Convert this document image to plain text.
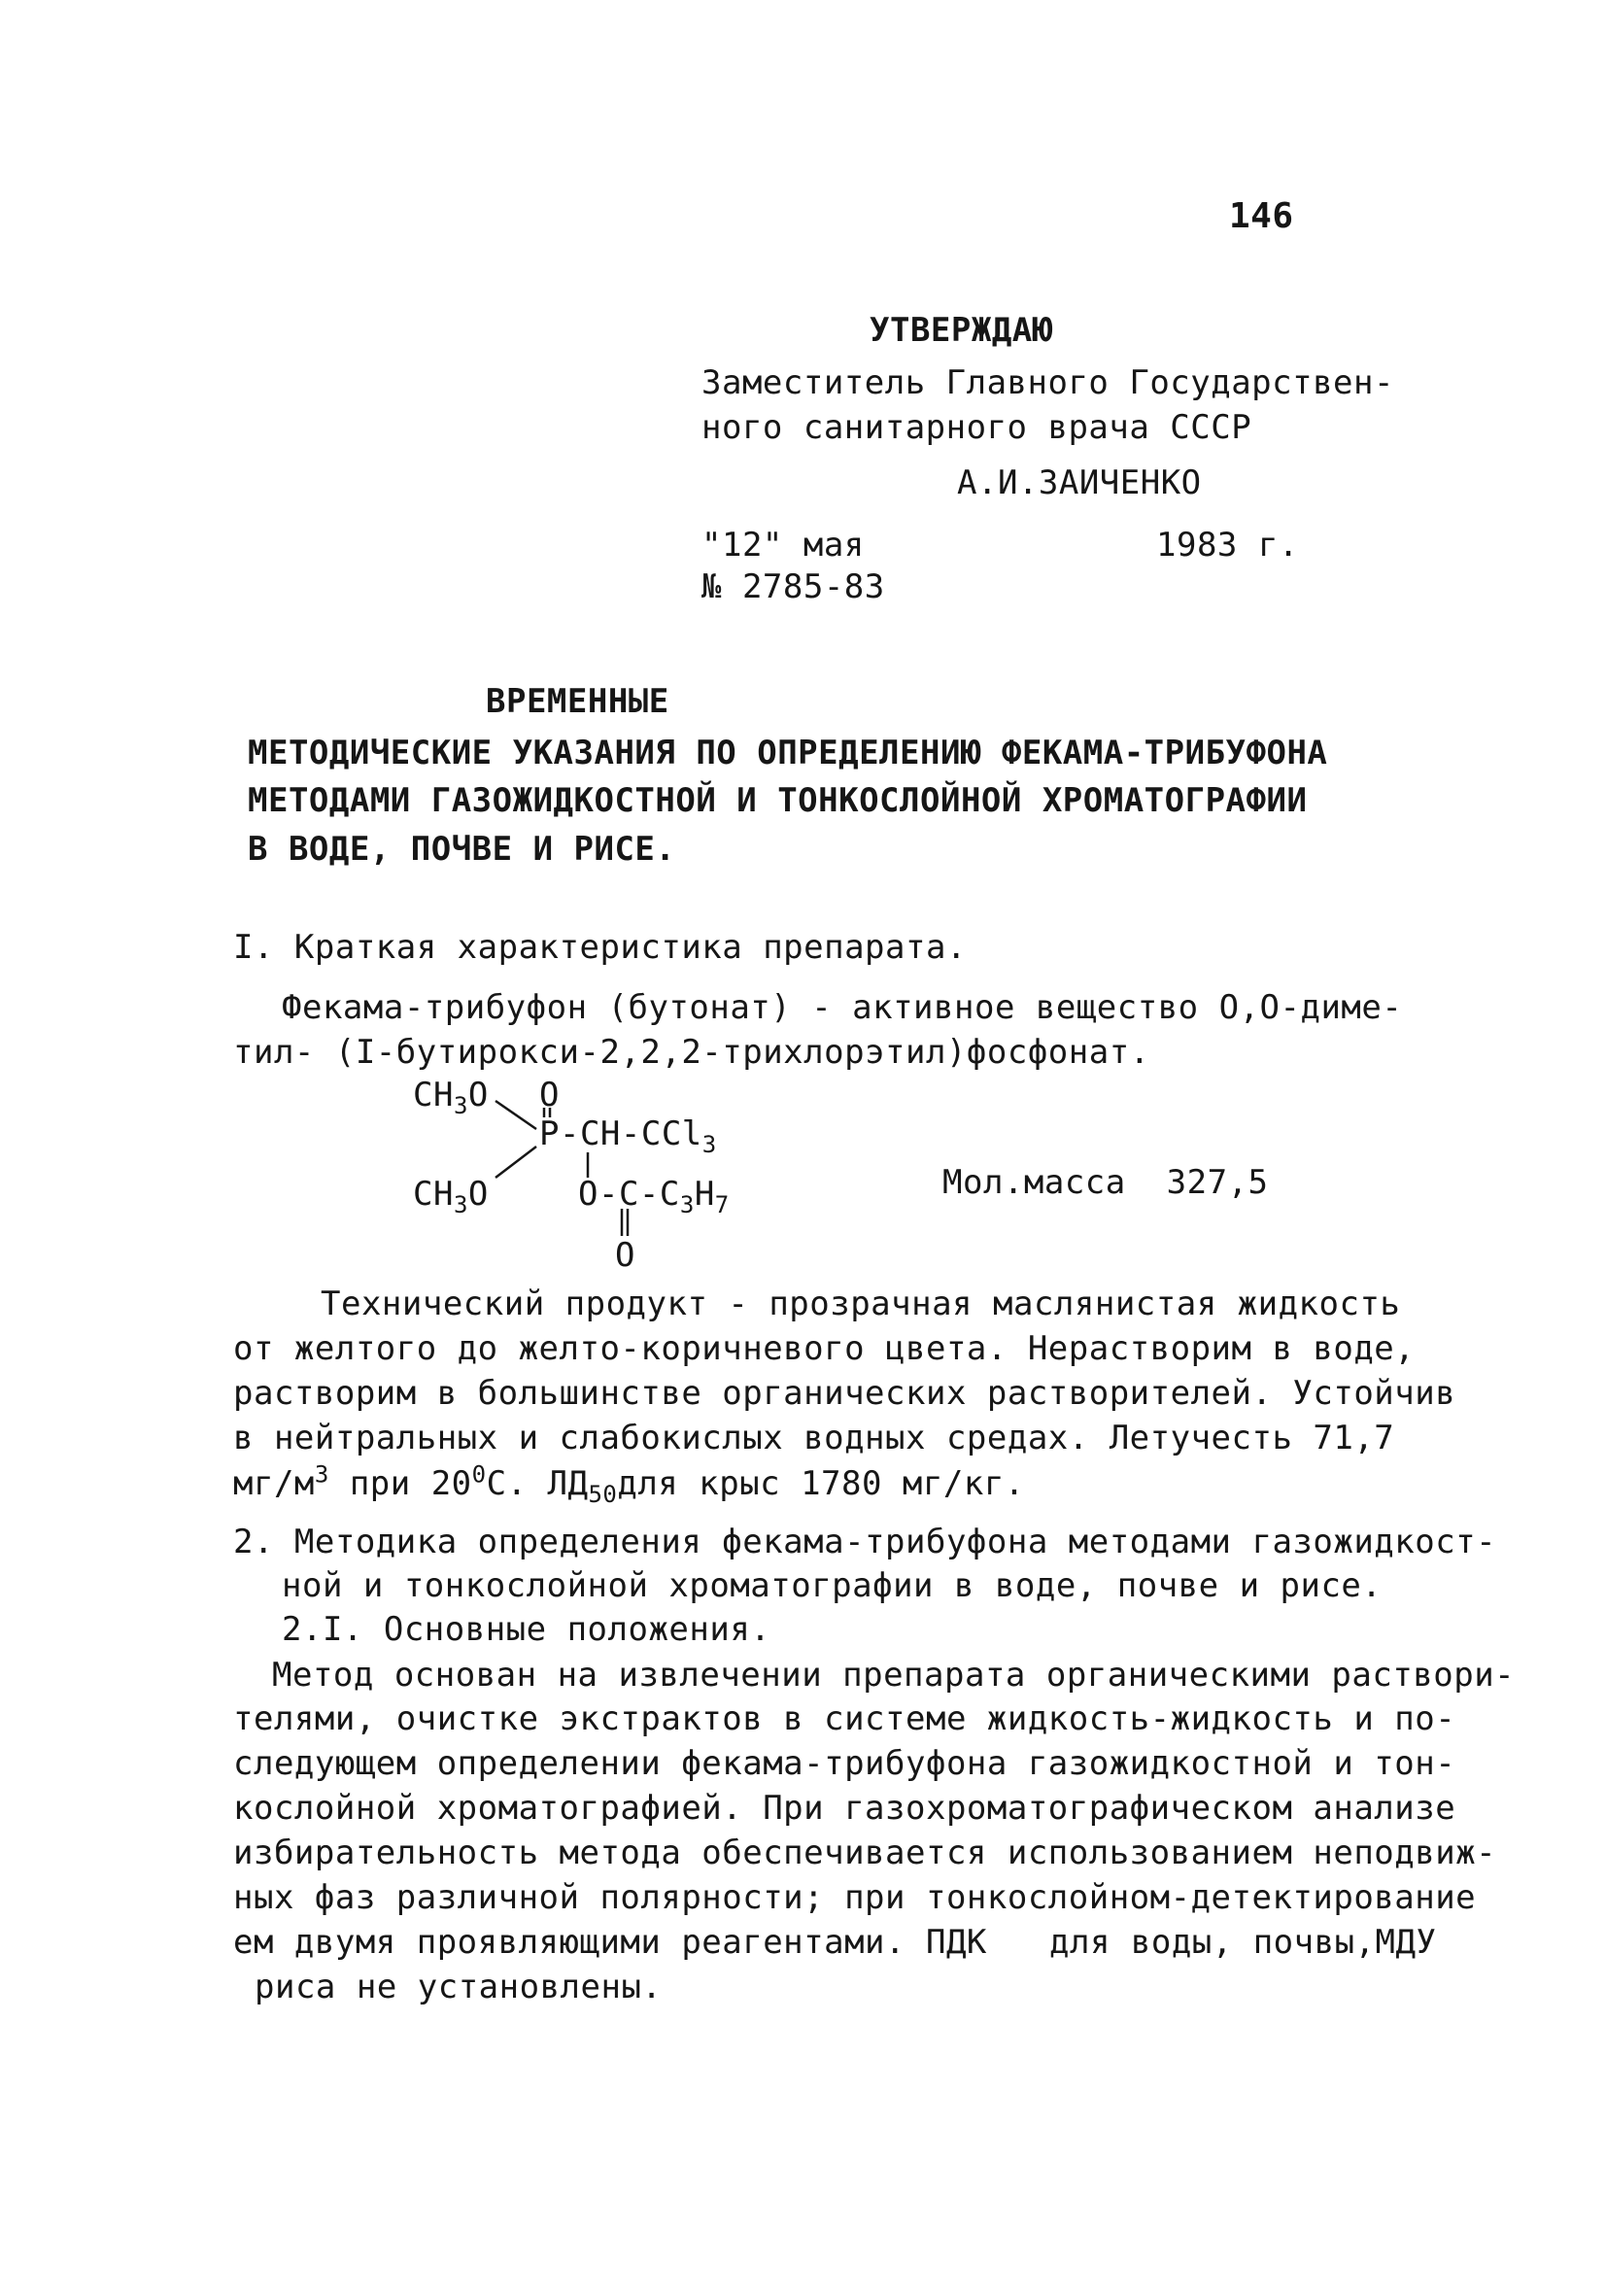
146
УТВЕРЖДАЮ
Заместитель Главного Государствен-
ного санитарного врача СССР
А.И.ЗАИЧЕНКО
"12" мая	1983 г.
№ 2785-83
ВРЕМЕННЫЕ
МЕТОДИЧЕСКИЕ УКАЗАНИЯ ПО ОПРЕДЕЛЕНИЮ ФЕКАМА-ТРИБУФОНА
МЕТОДАМИ ГАЗОЖИДКОСТНОЙ И ТОНКОСЛОЙНОЙ ХРОМАТОГРАФИИ
В ВОДЕ, ПОЧВЕ И РИСЕ.
I. Краткая характеристика препарата.
Фекама-трибуфон (бутонат) - активное вещество О,О-димe-
тил- (I-бутирокси-2,2,2-трихлорэтил)фосфонат.
$CH_3O$ O
P-CH-CCl$_3$
$CH_3O$	$O-C-C_3H_7$
O
Мол.масса  327,5
Технический продукт - прозрачная маслянистая жидкость
от желтого до желто-коричневого цвета. Нерастворим в воде,
растворим в большинстве органических растворителей. Устойчив
в нейтральных и слабокислых водных средах. Летучесть 71,7
$мг/м^3$ при $20^0С$. $ЛД_{50}для$ крыс 1780 мг/кг.
2. Методика определения фекама-трибуфона методами газожидкост-
ной и тонкослойной хроматографии в воде, почве и рисе.
2.I. Основные положения.
Метод основан на извлечении препарата органическими раствори-
телями, очистке экстрактов в системе жидкость-жидкость и по-
следующем определении фекама-трибуфона газожидкостной и тон-
кослойной хроматографией. При газохроматографическом анализе
избирательность метода обеспечивается использованием неподвиж-
ных фаз различной полярности; при тонкослойном-детектирование
ем двумя проявляющими реагентами. ПДК для воды, почвы,МДУ
риса не установлены.
